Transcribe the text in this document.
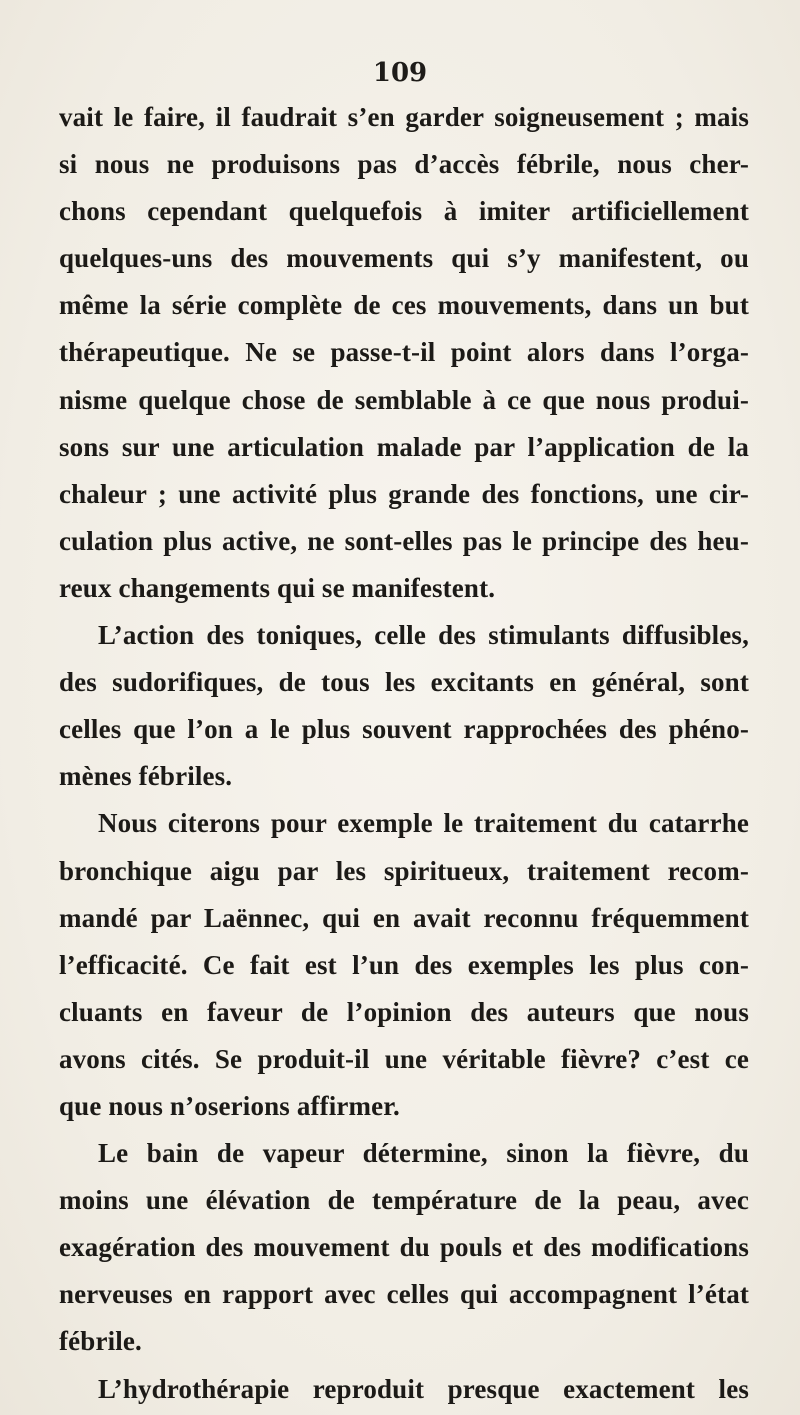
109
vait le faire, il faudrait s’en garder soigneusement ; mais
si nous ne produisons pas d’accès fébrile, nous cher-
chons cependant quelquefois à imiter artificiellement
quelques-uns des mouvements qui s’y manifestent, ou
même la série complète de ces mouvements, dans un but
thérapeutique. Ne se passe-t-il point alors dans l’orga-
nisme quelque chose de semblable à ce que nous produi-
sons sur une articulation malade par l’application de la
chaleur ; une activité plus grande des fonctions, une cir-
culation plus active, ne sont-elles pas le principe des heu-
reux changements qui se manifestent.
L’action des toniques, celle des stimulants diffusibles,
des sudorifiques, de tous les excitants en général, sont
celles que l’on a le plus souvent rapprochées des phéno-
mènes fébriles.
Nous citerons pour exemple le traitement du catarrhe
bronchique aigu par les spiritueux, traitement recom-
mandé par Laënnec, qui en avait reconnu fréquemment
l’efficacité. Ce fait est l’un des exemples les plus con-
cluants en faveur de l’opinion des auteurs que nous
avons cités. Se produit-il une véritable fièvre? c’est ce
que nous n’oserions affirmer.
Le bain de vapeur détermine, sinon la fièvre, du
moins une élévation de température de la peau, avec
exagération des mouvement du pouls et des modifications
nerveuses en rapport avec celles qui accompagnent l’état
fébrile.
L’hydrothérapie reproduit presque exactement les
